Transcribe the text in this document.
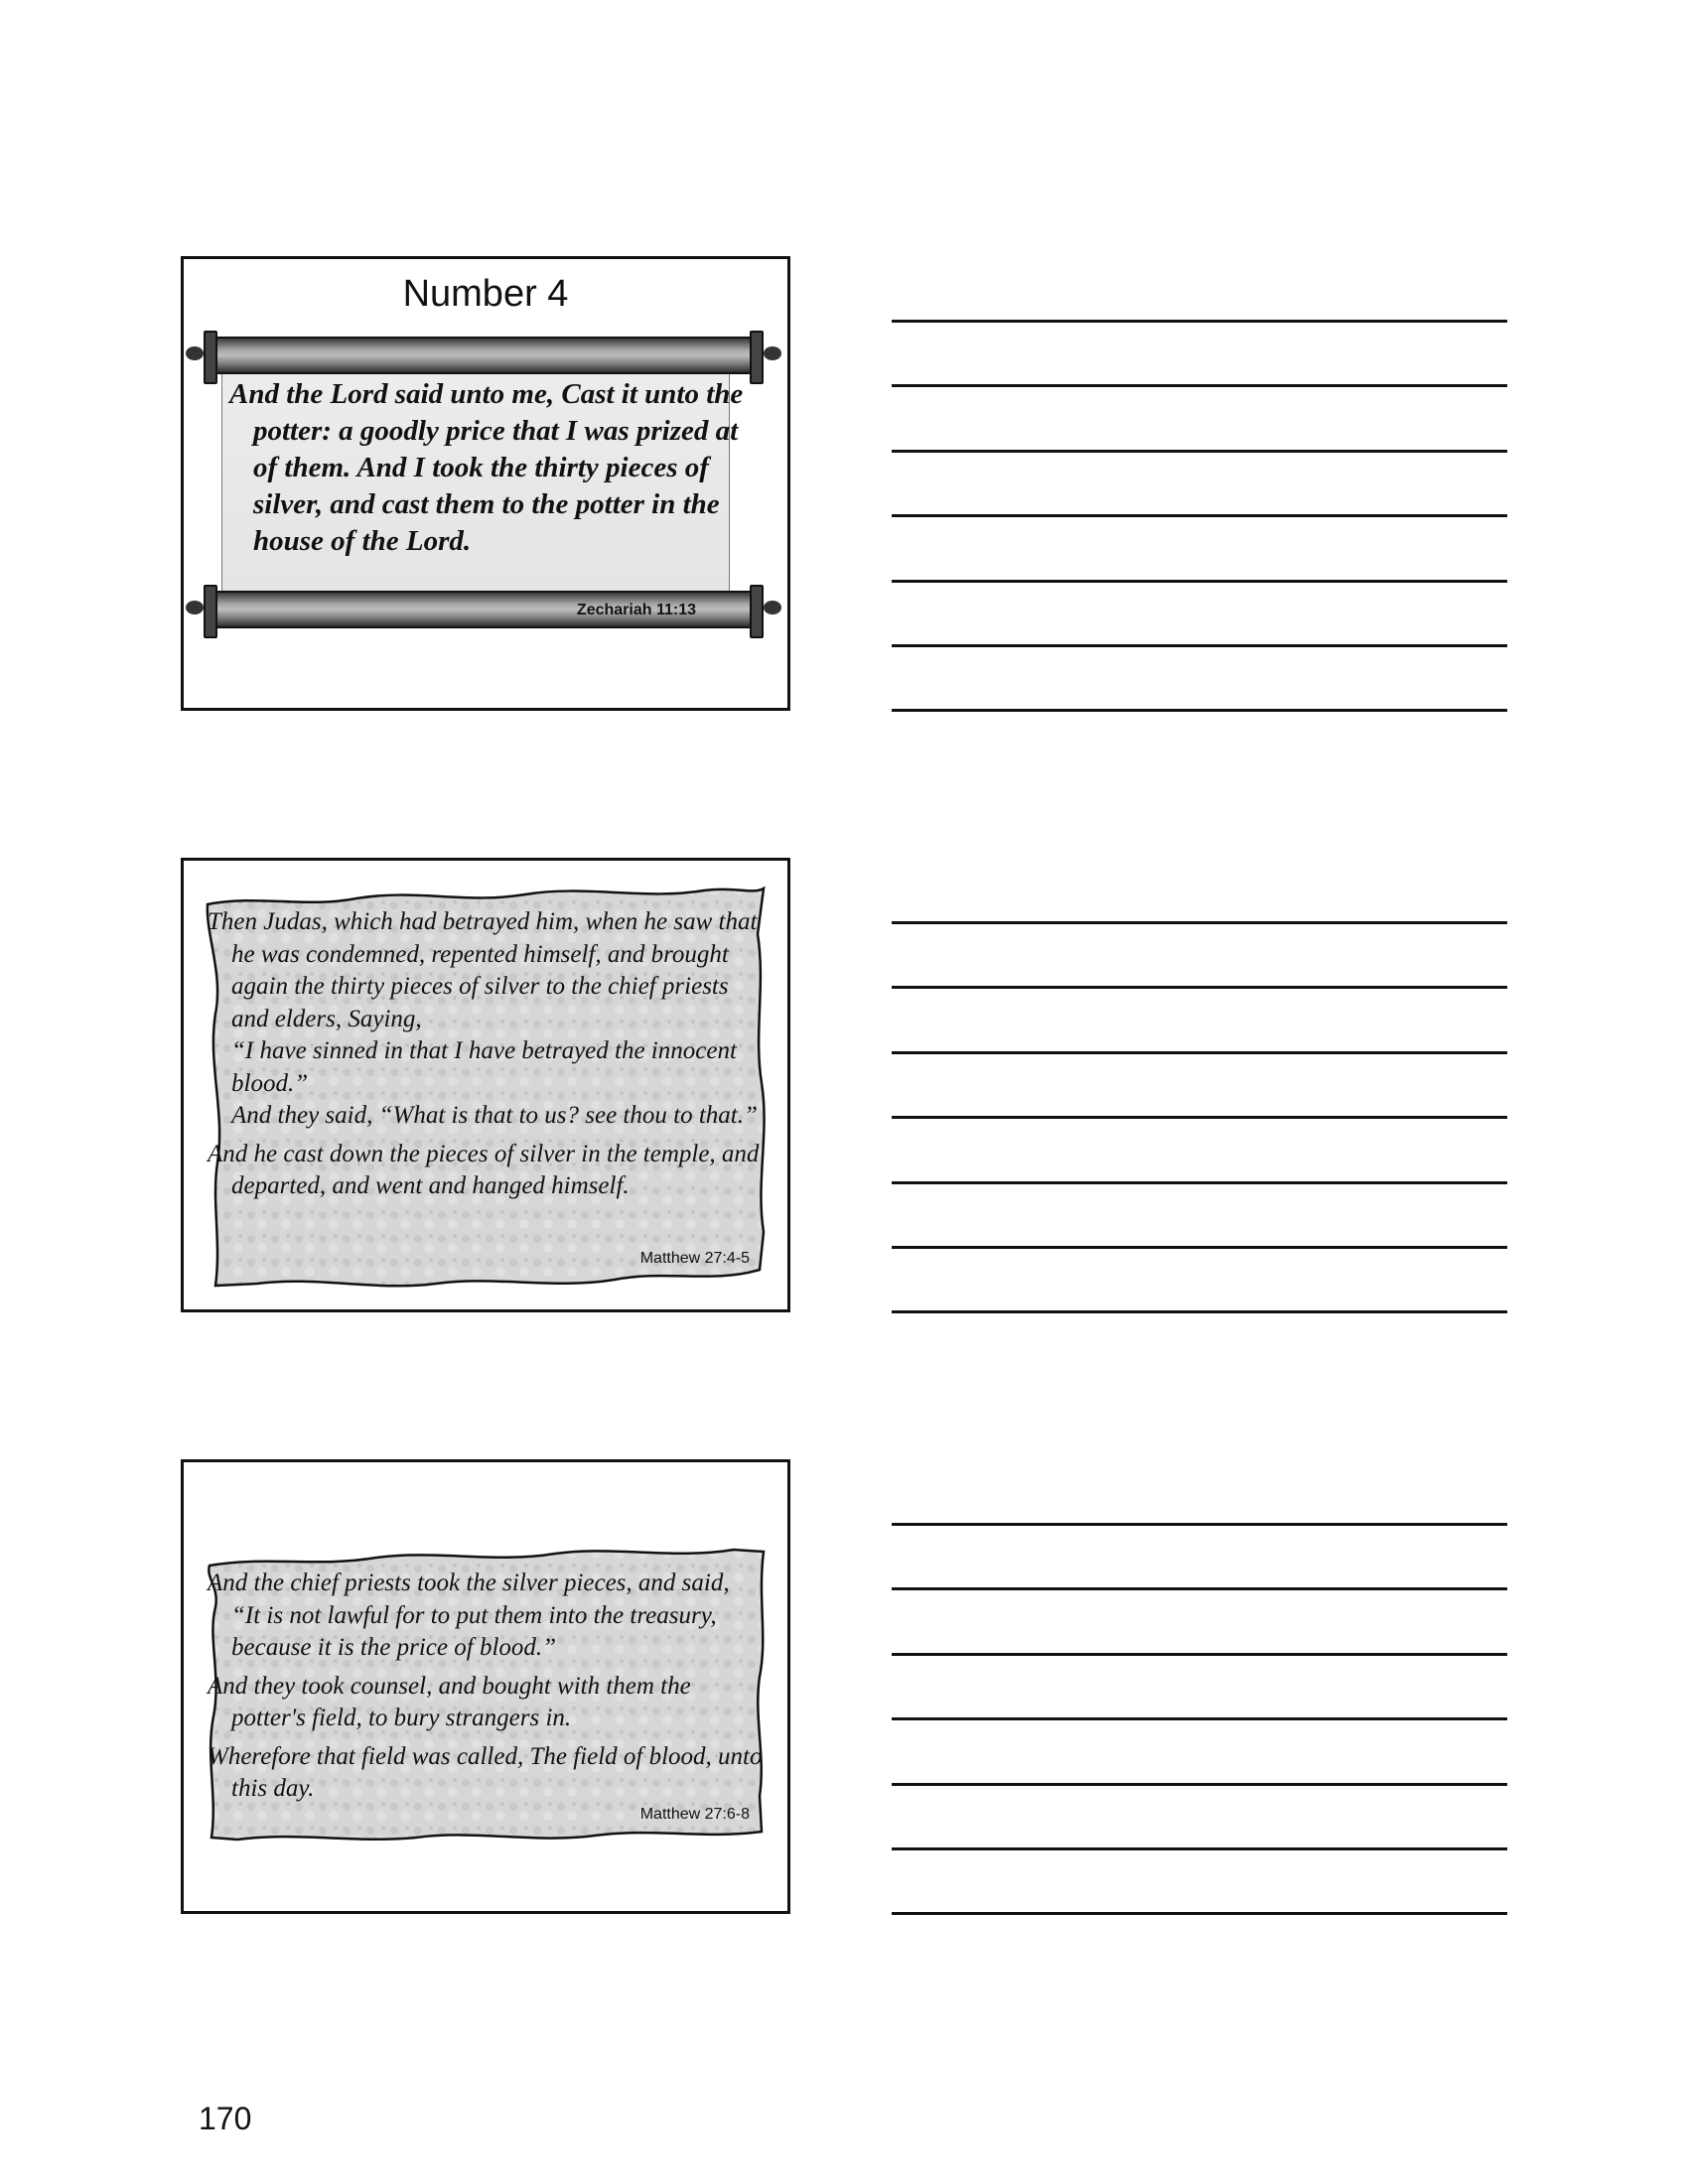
Number 4
And the Lord said unto me, Cast it unto the potter: a goodly price that I was prized at of them. And I took the thirty pieces of silver, and cast them to the potter in the house of the Lord.
Zechariah 11:13
Then Judas, which had betrayed him, when he saw that he was condemned, repented himself, and brought again the thirty pieces of silver to the chief priests and elders, Saying,
“I have sinned in that I have betrayed the innocent blood.”
And they said, “What is that to us? see thou to that.”
And he cast down the pieces of silver in the temple, and departed, and went and hanged himself.
Matthew 27:4-5
And the chief priests took the silver pieces, and said, “It is not lawful for to put them into the treasury, because it is the price of blood.”
And they took counsel, and bought with them the potter's field, to bury strangers in.
Wherefore that field was called, The field of blood, unto this day.
Matthew 27:6-8
170
